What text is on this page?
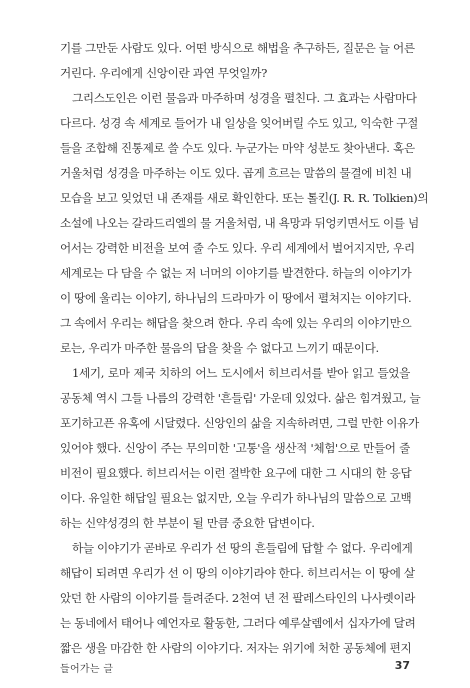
기를 그만둔 사람도 있다. 어떤 방식으로 해법을 추구하든, 질문은 늘 어른
거린다. 우리에게 신앙이란 과연 무엇일까?
그리스도인은 이런 물음과 마주하며 성경을 펼친다. 그 효과는 사람마다
다르다. 성경 속 세계로 들어가 내 일상을 잊어버릴 수도 있고, 익숙한 구절
들을 조합해 진통제로 쓸 수도 있다. 누군가는 마약 성분도 찾아낸다. 혹은
거울처럼 성경을 마주하는 이도 있다. 곱게 흐르는 말씀의 물결에 비친 내
모습을 보고 잊었던 내 존재를 새로 확인한다. 또는 톨킨(J. R. R. Tolkien)의
소설에 나오는 갈라드리엘의 물 거울처럼, 내 욕망과 뒤엉키면서도 이를 넘
어서는 강력한 비전을 보여 줄 수도 있다. 우리 세계에서 벌어지지만, 우리
세계로는 다 담을 수 없는 저 너머의 이야기를 발견한다. 하늘의 이야기가
이 땅에 울리는 이야기, 하나님의 드라마가 이 땅에서 펼쳐지는 이야기다.
그 속에서 우리는 해답을 찾으려 한다. 우리 속에 있는 우리의 이야기만으
로는, 우리가 마주한 물음의 답을 찾을 수 없다고 느끼기 때문이다.
1세기, 로마 제국 치하의 어느 도시에서 히브리서를 받아 읽고 들었을
공동체 역시 그들 나름의 강력한 '흔들림' 가운데 있었다. 삶은 힘겨웠고, 늘
포기하고픈 유혹에 시달렸다. 신앙인의 삶을 지속하려면, 그럴 만한 이유가
있어야 했다. 신앙이 주는 무의미한 '고통'을 생산적 '체험'으로 만들어 줄
비전이 필요했다. 히브리서는 이런 절박한 요구에 대한 그 시대의 한 응답
이다. 유일한 해답일 필요는 없지만, 오늘 우리가 하나님의 말씀으로 고백
하는 신약성경의 한 부분이 될 만큼 중요한 답변이다.
하늘 이야기가 곧바로 우리가 선 땅의 흔들림에 답할 수 없다. 우리에게
해답이 되려면 우리가 선 이 땅의 이야기라야 한다. 히브리서는 이 땅에 살
았던 한 사람의 이야기를 들려준다. 2천여 년 전 팔레스타인의 나사렛이라
는 동네에서 태어나 예언자로 활동한, 그러다 예루살렘에서 십자가에 달려
짧은 생을 마감한 한 사람의 이야기다. 저자는 위기에 처한 공동체에 편지
들어가는 글	37
